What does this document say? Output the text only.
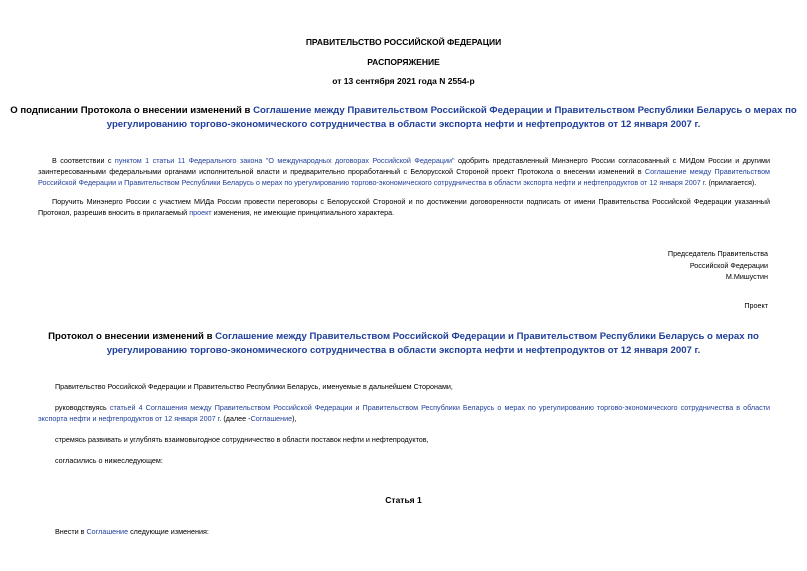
ПРАВИТЕЛЬСТВО РОССИЙСКОЙ ФЕДЕРАЦИИ
РАСПОРЯЖЕНИЕ
от 13 сентября 2021 года N 2554-р
О подписании Протокола о внесении изменений в Соглашение между Правительством Российской Федерации и Правительством Республики Беларусь о мерах по
урегулированию торгово-экономического сотрудничества в области экспорта нефти и нефтепродуктов от 12 января 2007 г.
В соответствии с пунктом 1 статьи 11 Федерального закона "О международных договорах Российской Федерации" одобрить представленный Минэнерго России согласованный с МИДом России и другими заинтересованными федеральными органами исполнительной власти и предварительно проработанный с Белорусской Стороной проект Протокола о внесении изменений в Соглашение между Правительством Российской Федерации и Правительством Республики Беларусь о мерах по урегулированию торгово-экономического сотрудничества в области экспорта нефти и нефтепродуктов от 12 января 2007 г. (прилагается).
Поручить Минэнерго России с участием МИДа России провести переговоры с Белорусской Стороной и по достижении договоренности подписать от имени Правительства Российской Федерации указанный Протокол, разрешив вносить в прилагаемый проект изменения, не имеющие принципиального характера.
Председатель Правительства
Российской Федерации
М.Мишустин
Проект
Протокол о внесении изменений в Соглашение между Правительством Российской Федерации и Правительством Республики Беларусь о мерах по
урегулированию торгово-экономического сотрудничества в области экспорта нефти и нефтепродуктов от 12 января 2007 г.
Правительство Российской Федерации и Правительство Республики Беларусь, именуемые в дальнейшем Сторонами,
руководствуясь статьей 4 Соглашения между Правительством Российской Федерации и Правительством Республики Беларусь о мерах по урегулированию торгово-экономического сотрудничества в области
экспорта нефти и нефтепродуктов от 12 января 2007 г. (далее -Соглашение),
стремясь развивать и углублять взаимовыгодное сотрудничество в области поставок нефти и нефтепродуктов,
согласились о нижеследующем:
Статья 1
Внести в Соглашение следующие изменения:
